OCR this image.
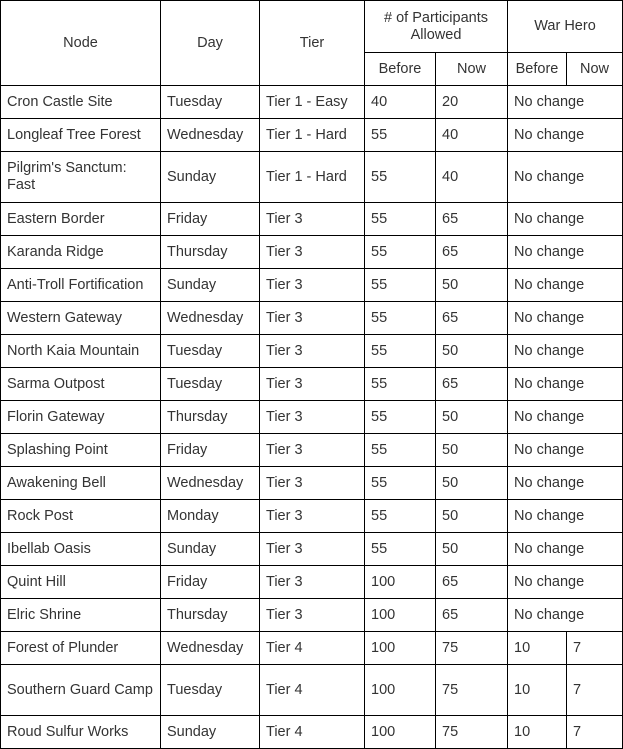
Node	Day	Tier	# of Participants Allowed		War Hero	
			Before	Now	Before	Now
Cron Castle Site	Tuesday	Tier 1 - Easy	40	20	No change	
Longleaf Tree Forest	Wednesday	Tier 1 - Hard	55	40	No change	
Pilgrim's Sanctum: Fast	Sunday	Tier 1 - Hard	55	40	No change	
Eastern Border	Friday	Tier 3	55	65	No change	
Karanda Ridge	Thursday	Tier 3	55	65	No change	
Anti-Troll Fortification	Sunday	Tier 3	55	50	No change	
Western Gateway	Wednesday	Tier 3	55	65	No change	
North Kaia Mountain	Tuesday	Tier 3	55	50	No change	
Sarma Outpost	Tuesday	Tier 3	55	65	No change	
Florin Gateway	Thursday	Tier 3	55	50	No change	
Splashing Point	Friday	Tier 3	55	50	No change	
Awakening Bell	Wednesday	Tier 3	55	50	No change	
Rock Post	Monday	Tier 3	55	50	No change	
Ibellab Oasis	Sunday	Tier 3	55	50	No change	
Quint Hill	Friday	Tier 3	100	65	No change	
Elric Shrine	Thursday	Tier 3	100	65	No change	
Forest of Plunder	Wednesday	Tier 4	100	75	10	7
Southern Guard Camp	Tuesday	Tier 4	100	75	10	7
Roud Sulfur Works	Sunday	Tier 4	100	75	10	7
